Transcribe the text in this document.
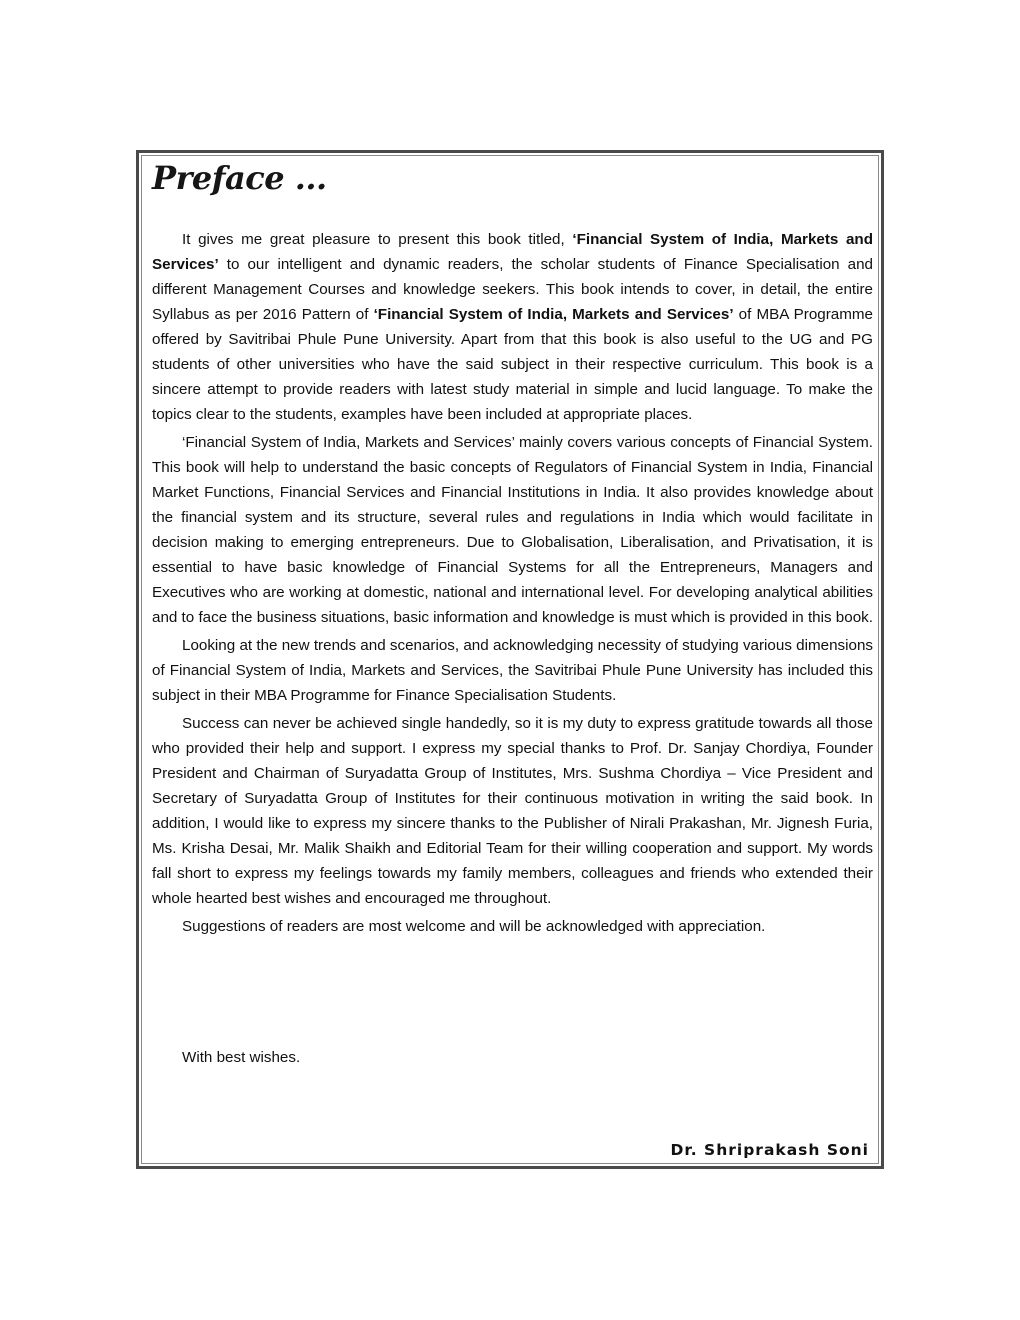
Preface ...

It gives me great pleasure to present this book titled, ‘Financial System of India, Markets and Services’ to our intelligent and dynamic readers, the scholar students of Finance Specialisation and different Management Courses and knowledge seekers. This book intends to cover, in detail, the entire Syllabus as per 2016 Pattern of ‘Financial System of India, Markets and Services’ of MBA Programme offered by Savitribai Phule Pune University. Apart from that this book is also useful to the UG and PG students of other universities who have the said subject in their respective curriculum. This book is a sincere attempt to provide readers with latest study material in simple and lucid language. To make the topics clear to the students, examples have been included at appropriate places.

‘Financial System of India, Markets and Services’ mainly covers various concepts of Financial System. This book will help to understand the basic concepts of Regulators of Financial System in India, Financial Market Functions, Financial Services and Financial Institutions in India. It also provides knowledge about the financial system and its structure, several rules and regulations in India which would facilitate in decision making to emerging entrepreneurs. Due to Globalisation, Liberalisation, and Privatisation, it is essential to have basic knowledge of Financial Systems for all the Entrepreneurs, Managers and Executives who are working at domestic, national and international level. For developing analytical abilities and to face the business situations, basic information and knowledge is must which is provided in this book.

Looking at the new trends and scenarios, and acknowledging necessity of studying various dimensions of Financial System of India, Markets and Services, the Savitribai Phule Pune University has included this subject in their MBA Programme for Finance Specialisation Students.

Success can never be achieved single handedly, so it is my duty to express gratitude towards all those who provided their help and support. I express my special thanks to Prof. Dr. Sanjay Chordiya, Founder President and Chairman of Suryadatta Group of Institutes, Mrs. Sushma Chordiya – Vice President and Secretary of Suryadatta Group of Institutes for their continuous motivation in writing the said book. In addition, I would like to express my sincere thanks to the Publisher of Nirali Prakashan, Mr. Jignesh Furia, Ms. Krisha Desai, Mr. Malik Shaikh and Editorial Team for their willing cooperation and support. My words fall short to express my feelings towards my family members, colleagues and friends who extended their whole hearted best wishes and encouraged me throughout.

Suggestions of readers are most welcome and will be acknowledged with appreciation.

With best wishes.

Dr. Shriprakash Soni
